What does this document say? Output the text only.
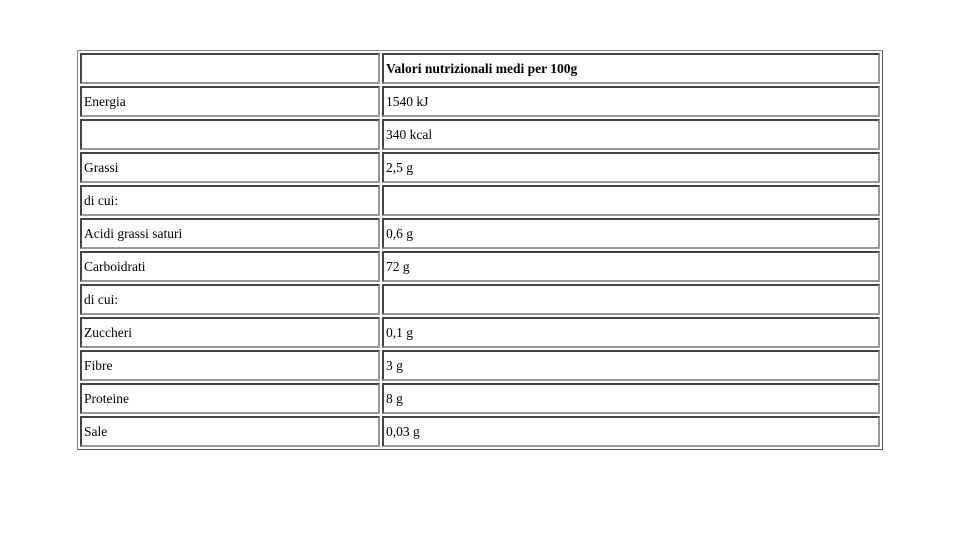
	Valori nutrizionali medi per 100g
Energia	1540 kJ
	340 kcal
Grassi	2,5 g
di cui:	
Acidi grassi saturi	0,6 g
Carboidrati	72 g
di cui:	
Zuccheri	0,1 g
Fibre	3 g
Proteine	8 g
Sale	0,03 g
